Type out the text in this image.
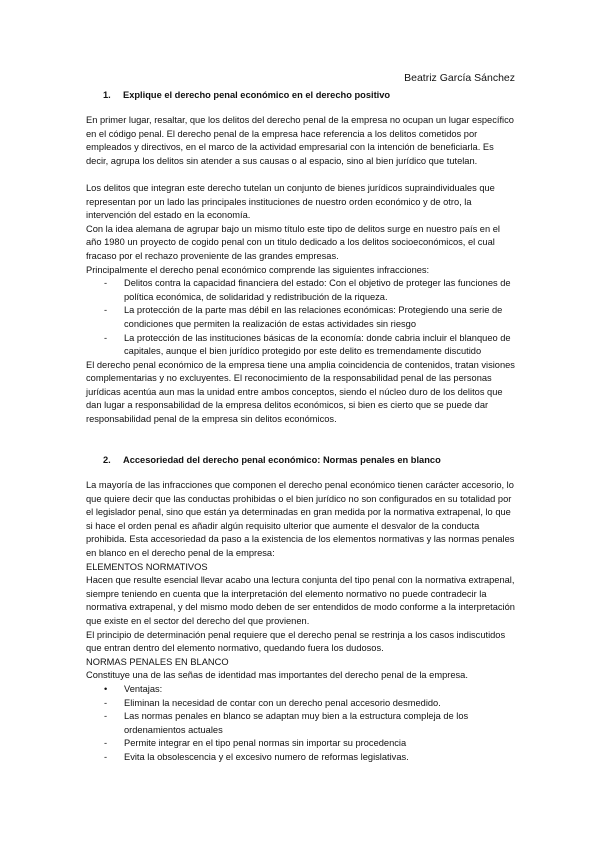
Beatriz García Sánchez
1. Explique el derecho penal económico en el derecho positivo

En primer lugar, resaltar, que los delitos del derecho penal de la empresa no ocupan un lugar específico en el código penal. El derecho penal de la empresa hace referencia a los delitos cometidos por empleados y directivos, en el marco de la actividad empresarial con la intención de beneficiarla. Es decir, agrupa los delitos sin atender a sus causas o al espacio, sino al bien jurídico que tutelan.

Los delitos que integran este derecho tutelan un conjunto de bienes jurídicos supraindividuales que representan por un lado las principales instituciones de nuestro orden económico y de otro, la intervención del estado en la economía.

Con la idea alemana de agrupar bajo un mismo título este tipo de delitos surge en nuestro país en el año 1980 un proyecto de cogido penal con un titulo dedicado a los delitos socioeconómicos, el cual fracaso por el rechazo proveniente de las grandes empresas.

Principalmente el derecho penal económico comprende las siguientes infracciones:

- Delitos contra la capacidad financiera del estado: Con el objetivo de proteger las funciones de política económica, de solidaridad y redistribución de la riqueza.
- La protección de la parte mas débil en las relaciones económicas: Protegiendo una serie de condiciones que permiten la realización de estas actividades sin riesgo
- La protección de las instituciones básicas de la economía: donde cabria incluir el blanqueo de capitales, aunque el bien jurídico protegido por este delito es tremendamente discutido

El derecho penal económico de la empresa tiene una amplia coincidencia de contenidos, tratan visiones complementarias y no excluyentes. El reconocimiento de la responsabilidad penal de las personas jurídicas acentúa aun mas la unidad entre ambos conceptos, siendo el núcleo duro de los delitos que dan lugar a responsabilidad de la empresa delitos económicos, si bien es cierto que se puede dar responsabilidad penal de la empresa sin delitos económicos.

2. Accesoriedad del derecho penal económico: Normas penales en blanco

La mayoría de las infracciones que componen el derecho penal económico tienen carácter accesorio, lo que quiere decir que las conductas prohibidas o el bien jurídico no son configurados en su totalidad por el legislador penal, sino que están ya determinadas en gran medida por la normativa extrapenal, lo que si hace el orden penal es añadir algún requisito ulterior que aumente el desvalor de la conducta prohibida. Esta accesoriedad da paso a la existencia de los elementos normativas y las normas penales en blanco en el derecho penal de la empresa:

ELEMENTOS NORMATIVOS

Hacen que resulte esencial llevar acabo una lectura conjunta del tipo penal con la normativa extrapenal, siempre teniendo en cuenta que la interpretación del elemento normativo no puede contradecir la normativa extrapenal, y del mismo modo deben de ser entendidos de modo conforme a la interpretación que existe en el sector del derecho del que provienen.

El principio de determinación penal requiere que el derecho penal se restrinja a los casos indiscutidos que entran dentro del elemento normativo, quedando fuera los dudosos.

NORMAS PENALES EN BLANCO

Constituye una de las señas de identidad mas importantes del derecho penal de la empresa.

• Ventajas:
- Eliminan la necesidad de contar con un derecho penal accesorio desmedido.
- Las normas penales en blanco se adaptan muy bien a la estructura compleja de los ordenamientos actuales
- Permite integrar en el tipo penal normas sin importar su procedencia
- Evita la obsolescencia y el excesivo numero de reformas legislativas.
